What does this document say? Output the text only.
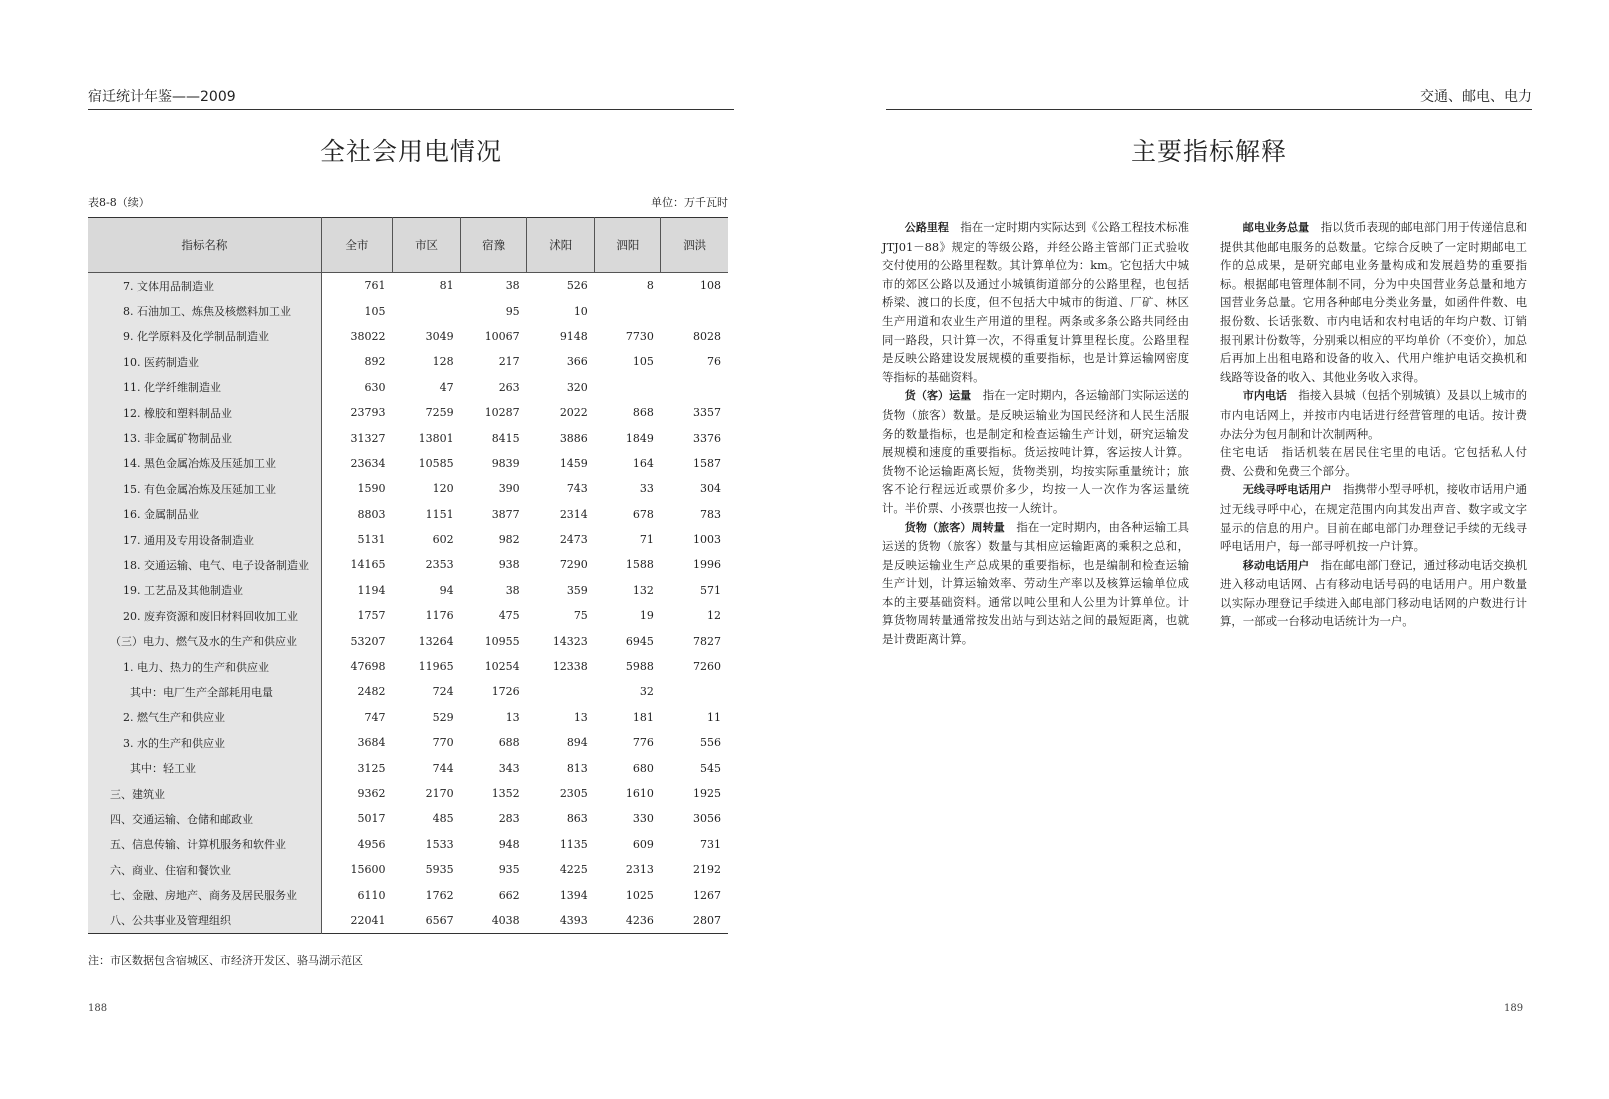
宿迁统计年鉴——2009
全社会用电情况
表8-8（续）	单位：万千瓦时
指标名称	全市	市区	宿豫	沭阳	泗阳	泗洪
7. 文体用品制造业	761	81	38	526	8	108
8. 石油加工、炼焦及核燃料加工业	105		95	10		
9. 化学原料及化学制品制造业	38022	3049	10067	9148	7730	8028
10. 医药制造业	892	128	217	366	105	76
11. 化学纤维制造业	630	47	263	320		
12. 橡胶和塑料制品业	23793	7259	10287	2022	868	3357
13. 非金属矿物制品业	31327	13801	8415	3886	1849	3376
14. 黑色金属冶炼及压延加工业	23634	10585	9839	1459	164	1587
15. 有色金属冶炼及压延加工业	1590	120	390	743	33	304
16. 金属制品业	8803	1151	3877	2314	678	783
17. 通用及专用设备制造业	5131	602	982	2473	71	1003
18. 交通运输、电气、电子设备制造业	14165	2353	938	7290	1588	1996
19. 工艺品及其他制造业	1194	94	38	359	132	571
20. 废弃资源和废旧材料回收加工业	1757	1176	475	75	19	12
（三）电力、燃气及水的生产和供应业	53207	13264	10955	14323	6945	7827
1. 电力、热力的生产和供应业	47698	11965	10254	12338	5988	7260
其中：电厂生产全部耗用电量	2482	724	1726		32	
2. 燃气生产和供应业	747	529	13	13	181	11
3. 水的生产和供应业	3684	770	688	894	776	556
其中：轻工业	3125	744	343	813	680	545
三、建筑业	9362	2170	1352	2305	1610	1925
四、交通运输、仓储和邮政业	5017	485	283	863	330	3056
五、信息传输、计算机服务和软件业	4956	1533	948	1135	609	731
六、商业、住宿和餐饮业	15600	5935	935	4225	2313	2192
七、金融、房地产、商务及居民服务业	6110	1762	662	1394	1025	1267
八、公共事业及管理组织	22041	6567	4038	4393	4236	2807
注：市区数据包含宿城区、市经济开发区、骆马湖示范区
188
交通、邮电、电力
主要指标解释

公路里程　指在一定时期内实际达到《公路工程技术标准JTJ01－88》规定的等级公路，并经公路主管部门正式验收交付使用的公路里程数。其计算单位为：km。它包括大中城市的郊区公路以及通过小城镇街道部分的公路里程，也包括桥梁、渡口的长度，但不包括大中城市的街道、厂矿、林区生产用道和农业生产用道的里程。两条或多条公路共同经由同一路段，只计算一次，不得重复计算里程长度。公路里程是反映公路建设发展规模的重要指标，也是计算运输网密度等指标的基础资料。

货（客）运量　指在一定时期内，各运输部门实际运送的货物（旅客）数量。是反映运输业为国民经济和人民生活服务的数量指标，也是制定和检查运输生产计划，研究运输发展规模和速度的重要指标。货运按吨计算，客运按人计算。货物不论运输距离长短，货物类别，均按实际重量统计；旅客不论行程远近或票价多少，均按一人一次作为客运量统计。半价票、小孩票也按一人统计。

货物（旅客）周转量　指在一定时期内，由各种运输工具运送的货物（旅客）数量与其相应运输距离的乘积之总和，是反映运输业生产总成果的重要指标，也是编制和检查运输生产计划，计算运输效率、劳动生产率以及核算运输单位成本的主要基础资料。通常以吨公里和人公里为计算单位。计算货物周转量通常按发出站与到达站之间的最短距离，也就是计费距离计算。

邮电业务总量　指以货币表现的邮电部门用于传递信息和提供其他邮电服务的总数量。它综合反映了一定时期邮电工作的总成果，是研究邮电业务量构成和发展趋势的重要指标。根据邮电管理体制不同，分为中央国营业务总量和地方国营业务总量。它用各种邮电分类业务量，如函件件数、电报份数、长话张数、市内电话和农村电话的年均户数、订销报刊累计份数等，分别乘以相应的平均单价（不变价），加总后再加上出租电路和设备的收入、代用户维护电话交换机和线路等设备的收入、其他业务收入求得。

市内电话　指接入县城（包括个别城镇）及县以上城市的市内电话网上，并按市内电话进行经营管理的电话。按计费办法分为包月制和计次制两种。

住宅电话　指话机装在居民住宅里的电话。它包括私人付费、公费和免费三个部分。

无线寻呼电话用户　指携带小型寻呼机，接收市话用户通过无线寻呼中心，在规定范围内向其发出声音、数字或文字显示的信息的用户。目前在邮电部门办理登记手续的无线寻呼电话用户，每一部寻呼机按一户计算。

移动电话用户　指在邮电部门登记，通过移动电话交换机进入移动电话网、占有移动电话号码的电话用户。用户数量以实际办理登记手续进入邮电部门移动电话网的户数进行计算，一部或一台移动电话统计为一户。

189
